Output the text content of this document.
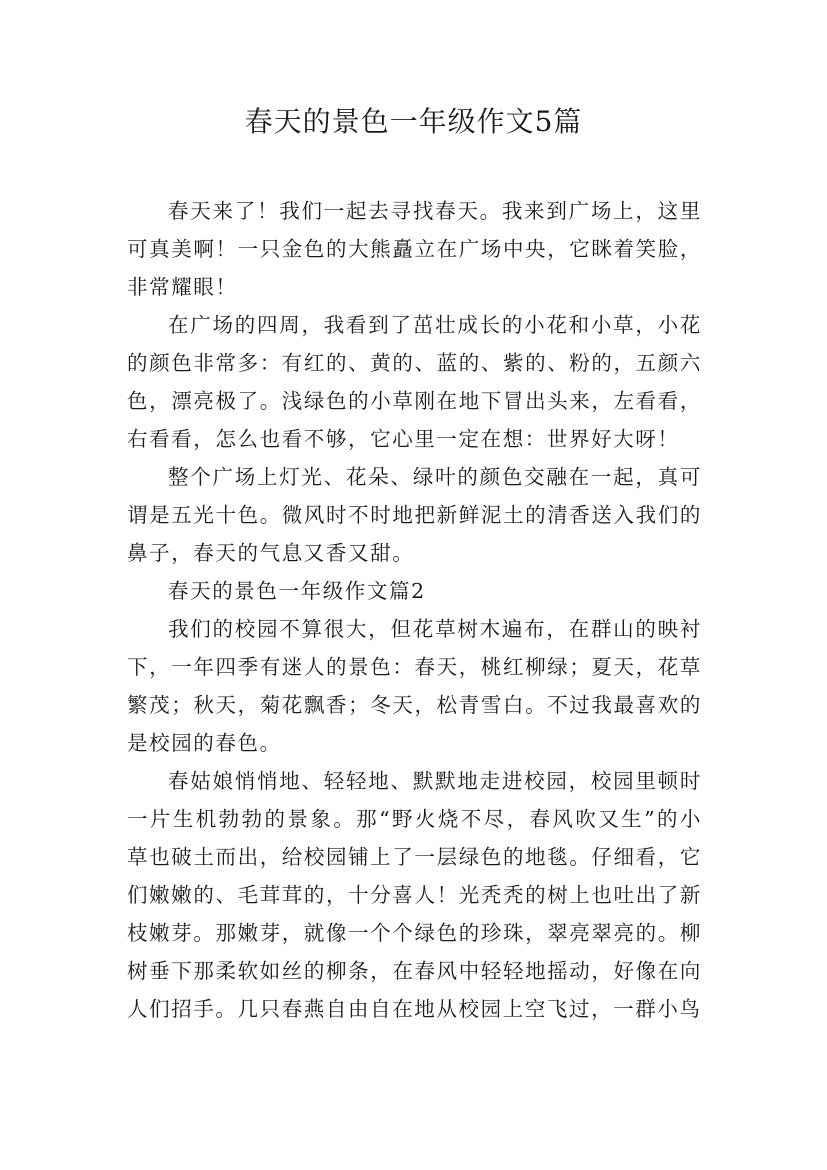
春天的景色一年级作文5篇

春天来了！我们一起去寻找春天。我来到广场上，这里可真美啊！一只金色的大熊矗立在广场中央，它眯着笑脸，非常耀眼！

在广场的四周，我看到了茁壮成长的小花和小草，小花的颜色非常多：有红的、黄的、蓝的、紫的、粉的，五颜六色，漂亮极了。浅绿色的小草刚在地下冒出头来，左看看，右看看，怎么也看不够，它心里一定在想：世界好大呀！

整个广场上灯光、花朵、绿叶的颜色交融在一起，真可谓是五光十色。微风时不时地把新鲜泥土的清香送入我们的鼻子，春天的气息又香又甜。

春天的景色一年级作文篇2

我们的校园不算很大，但花草树木遍布，在群山的映衬下，一年四季有迷人的景色：春天，桃红柳绿；夏天，花草繁茂；秋天，菊花飘香；冬天，松青雪白。不过我最喜欢的是校园的春色。

春姑娘悄悄地、轻轻地、默默地走进校园，校园里顿时一片生机勃勃的景象。那“野火烧不尽，春风吹又生”的小草也破土而出，给校园铺上了一层绿色的地毯。仔细看，它们嫩嫩的、毛茸茸的，十分喜人！光秃秃的树上也吐出了新枝嫩芽。那嫩芽，就像一个个绿色的珍珠，翠亮翠亮的。柳树垂下那柔软如丝的柳条，在春风中轻轻地摇动，好像在向人们招手。几只春燕自由自在地从校园上空飞过，一群小鸟
